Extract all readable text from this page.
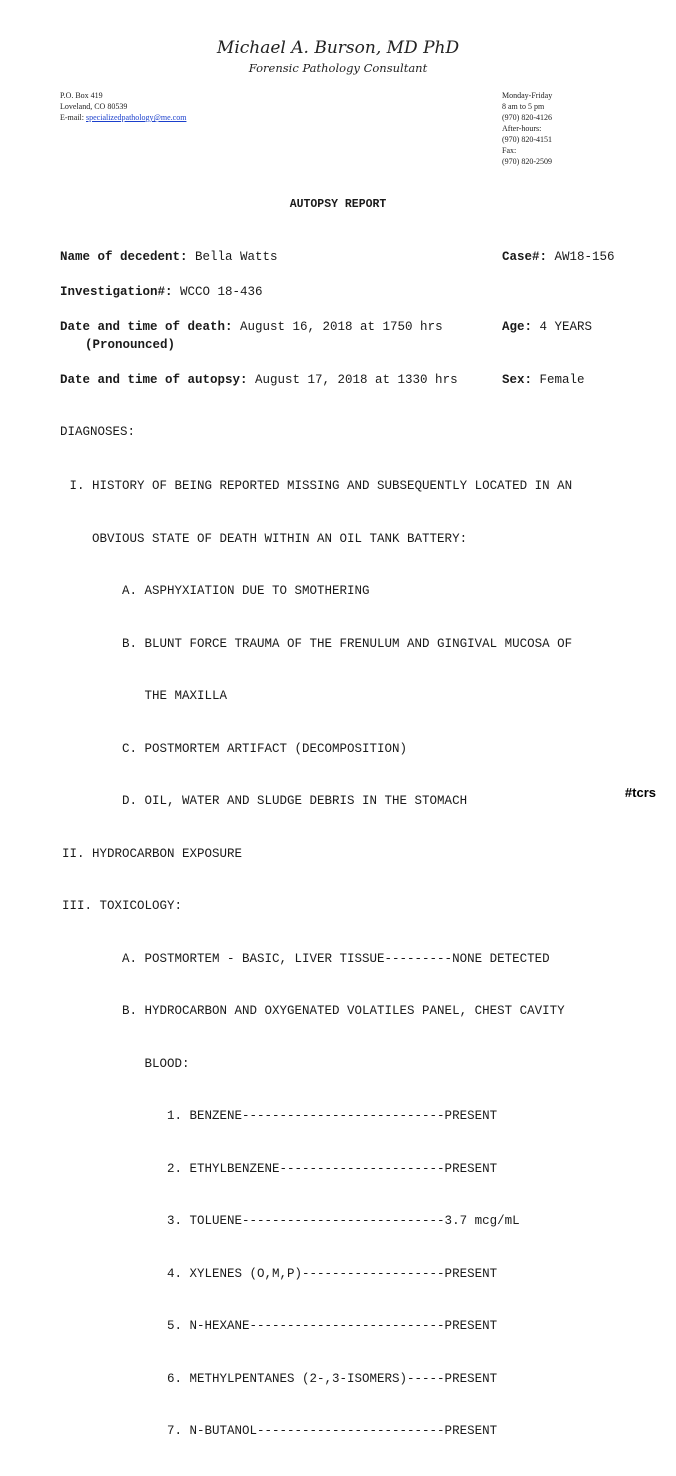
Michael A. Burson, MD PhD
Forensic Pathology Consultant
P.O. Box 419
Loveland, CO 80539
E-mail: specializedpathology@me.com
Monday-Friday
8 am to 5 pm
(970) 820-4126
After-hours:
(970) 820-4151
Fax:
(970) 820-2509
AUTOPSY REPORT
Name of decedent: Bella Watts	Case#: AW18-156
Investigation#: WCCO 18-436
Date and time of death: August 16, 2018 at 1750 hrs
(Pronounced)
Age: 4 YEARS
Date and time of autopsy: August 17, 2018 at 1330 hrs	Sex: Female
DIAGNOSES:

I. HISTORY OF BEING REPORTED MISSING AND SUBSEQUENTLY LOCATED IN AN

OBVIOUS STATE OF DEATH WITHIN AN OIL TANK BATTERY:

A. ASPHYXIATION DUE TO SMOTHERING

B. BLUNT FORCE TRAUMA OF THE FRENULUM AND GINGIVAL MUCOSA OF

THE MAXILLA

C. POSTMORTEM ARTIFACT (DECOMPOSITION)

D. OIL, WATER AND SLUDGE DEBRIS IN THE STOMACH

II. HYDROCARBON EXPOSURE

III. TOXICOLOGY:

A. POSTMORTEM - BASIC, LIVER TISSUE---------NONE DETECTED

B. HYDROCARBON AND OXYGENATED VOLATILES PANEL, CHEST CAVITY

BLOOD:

1. BENZENE---------------------------PRESENT

2. ETHYLBENZENE----------------------PRESENT

3. TOLUENE---------------------------3.7 mcg/mL

4. XYLENES (O,M,P)-------------------PRESENT

5. N-HEXANE--------------------------PRESENT

6. METHYLPENTANES (2-,3-ISOMERS)-----PRESENT

7. N-BUTANOL-------------------------PRESENT

#tcrs
